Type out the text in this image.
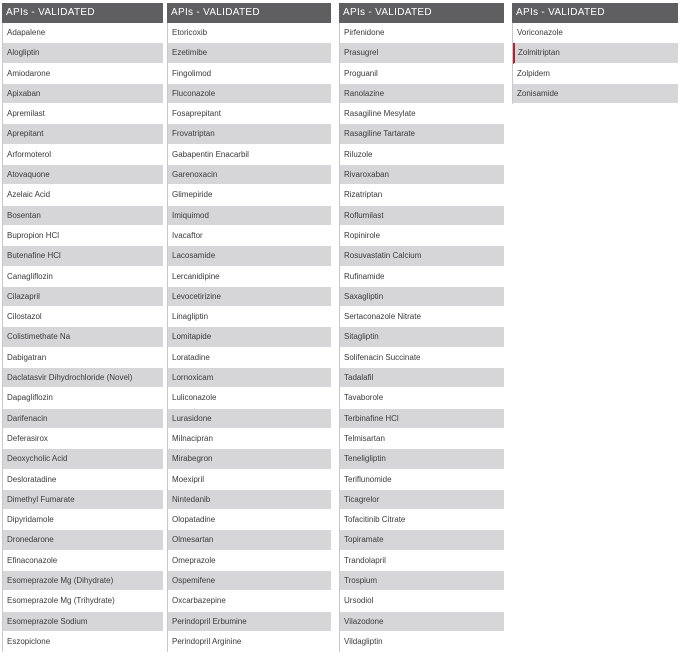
APIs - VALIDATED
Adapalene
Alogliptin
Amiodarone
Apixaban
Apremilast
Aprepitant
Arformoterol
Atovaquone
Azelaic Acid
Bosentan
Bupropion HCl
Butenafine HCl
Canagliflozin
Cilazapril
Cilostazol
Colistimethate Na
Dabigatran
Daclatasvir Dihydrochloride (Novel)
Dapagliflozin
Darifenacin
Deferasirox
Deoxycholic Acid
Desloratadine
Dimethyl Fumarate
Dipyridamole
Dronedarone
Efinaconazole
Esomeprazole Mg (Dihydrate)
Esomeprazole Mg (Trihydrate)
Esomeprazole Sodium
Eszopiclone
APIs - VALIDATED
Etoricoxib
Ezetimibe
Fingolimod
Fluconazole
Fosaprepitant
Frovatriptan
Gabapentin Enacarbil
Garenoxacin
Glimepiride
Imiquimod
Ivacaftor
Lacosamide
Lercanidipine
Levocetirizine
Linagliptin
Lomitapide
Loratadine
Lornoxicam
Luliconazole
Lurasidone
Milnacipran
Mirabegron
Moexipril
Nintedanib
Olopatadine
Olmesartan
Omeprazole
Ospemifene
Oxcarbazepine
Perindopril Erbumine
Perindopril Arginine
APIs - VALIDATED
Pirfenidone
Prasugrel
Proguanil
Ranolazine
Rasagiline Mesylate
Rasagiline Tartarate
Riluzole
Rivaroxaban
Rizatriptan
Roflumilast
Ropinirole
Rosuvastatin Calcium
Rufinamide
Saxagliptin
Sertaconazole Nitrate
Sitagliptin
Solifenacin Succinate
Tadalafil
Tavaborole
Terbinafine HCl
Telmisartan
Teneligliptin
Teriflunomide
Ticagrelor
Tofacitinib Citrate
Topiramate
Trandolapril
Trospium
Ursodiol
Vilazodone
Vildagliptin
APIs - VALIDATED
Voriconazole
Zolmitriptan
Zolpidem
Zonisamide
